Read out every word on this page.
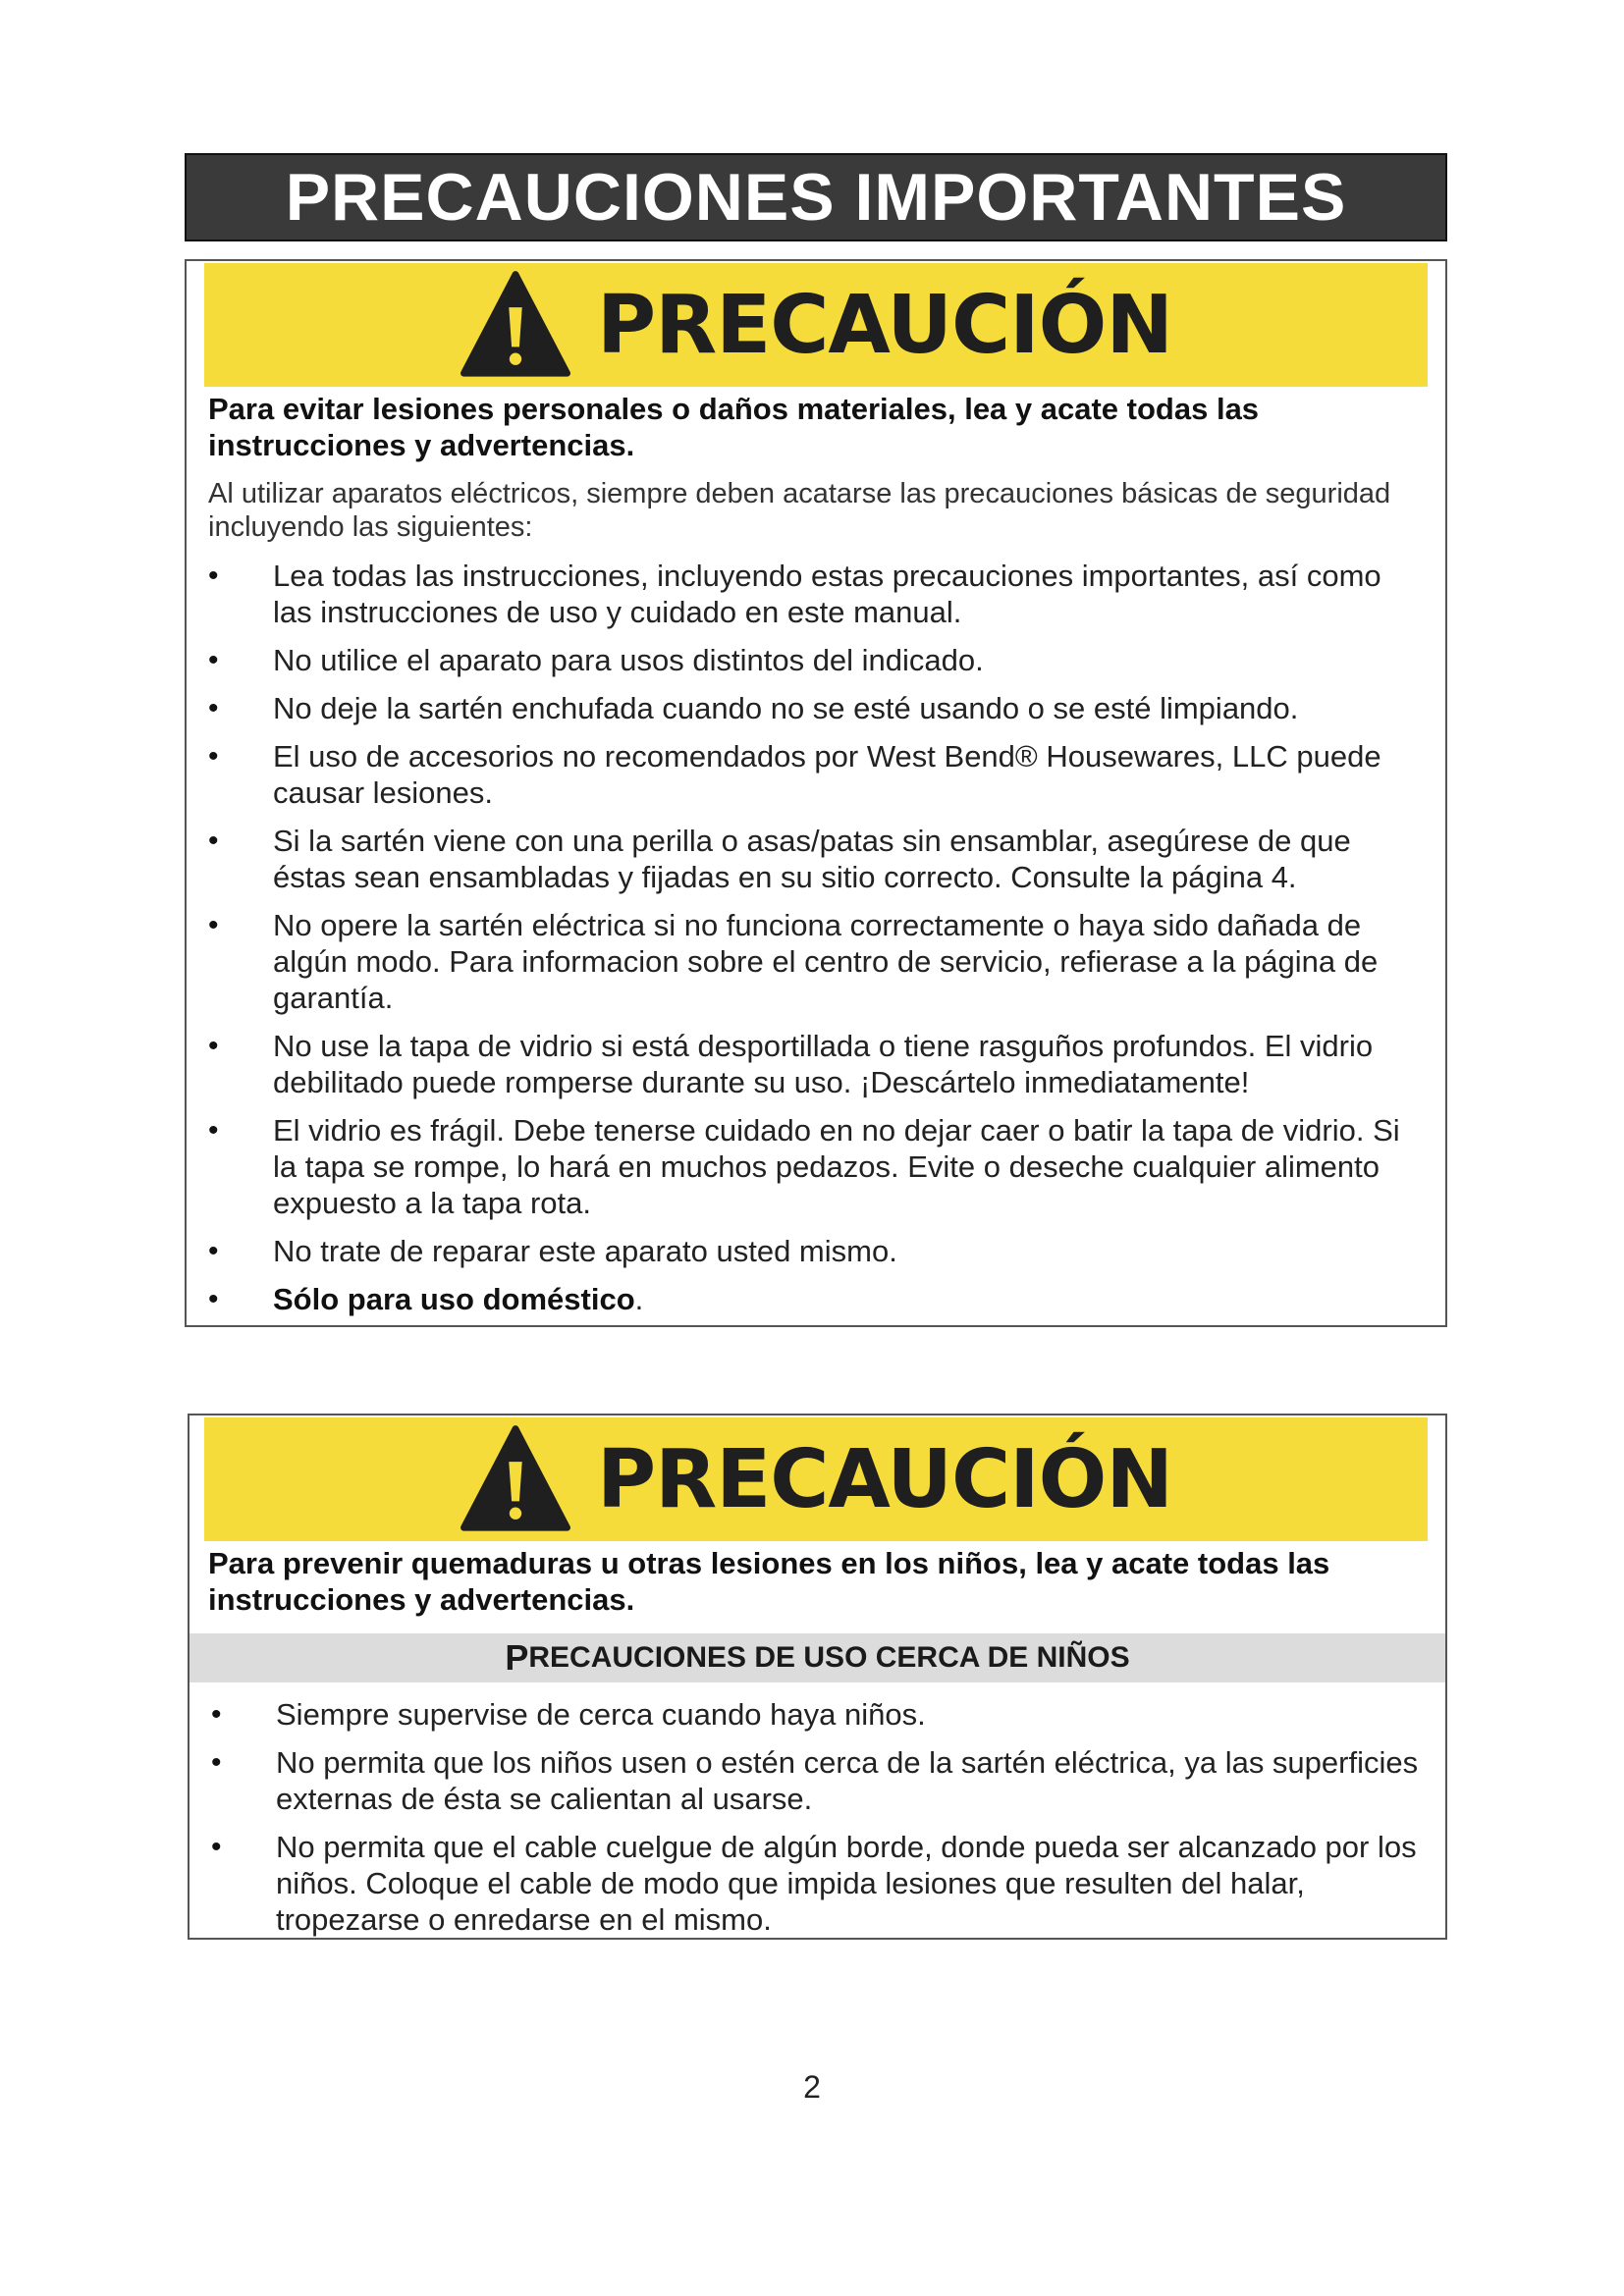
PRECAUCIONES IMPORTANTES
PRECAUCIÓN
Para evitar lesiones personales o daños materiales, lea y acate todas las instrucciones y advertencias.
Al utilizar aparatos eléctricos, siempre deben acatarse las precauciones básicas de seguridad incluyendo las siguientes:
• Lea todas las instrucciones, incluyendo estas precauciones importantes, así como las instrucciones de uso y cuidado en este manual.
• No utilice el aparato para usos distintos del indicado.
• No deje la sartén enchufada cuando no se esté usando o se esté limpiando.
• El uso de accesorios no recomendados por West Bend® Housewares, LLC puede causar lesiones.
• Si la sartén viene con una perilla o asas/patas sin ensamblar, asegúrese de que éstas sean ensambladas y fijadas en su sitio correcto. Consulte la página 4.
• No opere la sartén eléctrica si no funciona correctamente o haya sido dañada de algún modo. Para informacion sobre el centro de servicio, refierase a la página de garantía.
• No use la tapa de vidrio si está desportillada o tiene rasguños profundos. El vidrio debilitado puede romperse durante su uso. ¡Descártelo inmediatamente!
• El vidrio es frágil. Debe tenerse cuidado en no dejar caer o batir la tapa de vidrio. Si la tapa se rompe, lo hará en muchos pedazos. Evite o deseche cualquier alimento expuesto a la tapa rota.
• No trate de reparar este aparato usted mismo.
• Sólo para uso doméstico.
PRECAUCIÓN
Para prevenir quemaduras u otras lesiones en los niños, lea y acate todas las instrucciones y advertencias.
P RECAUCIONES DE USO CERCA DE NIÑOS
• Siempre supervise de cerca cuando haya niños.
• No permita que los niños usen o estén cerca de la sartén eléctrica, ya las superficies externas de ésta se calientan al usarse.
• No permita que el cable cuelgue de algún borde, donde pueda ser alcanzado por los niños. Coloque el cable de modo que impida lesiones que resulten del halar, tropezarse o enredarse en el mismo.
2
